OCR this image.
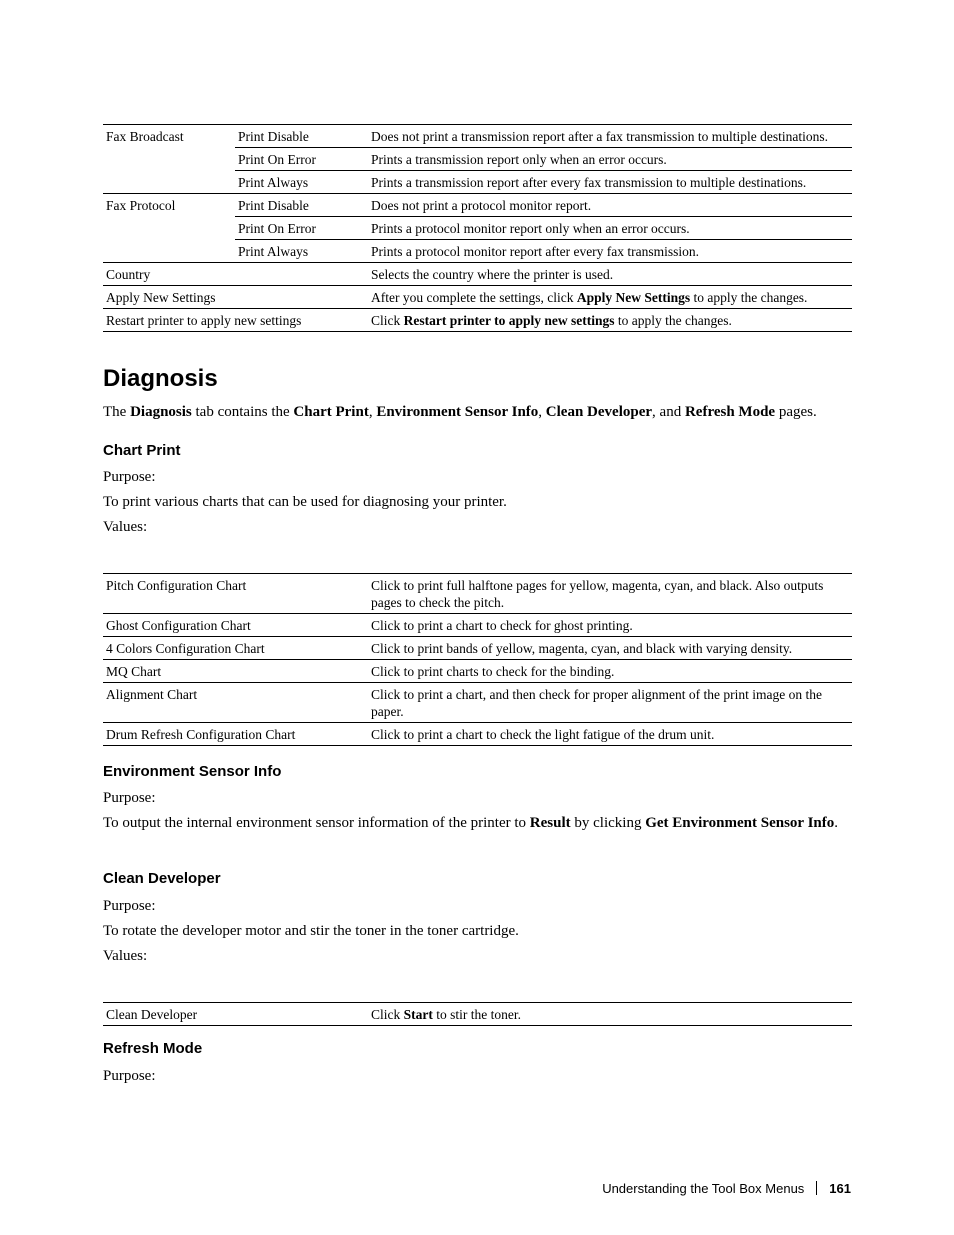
Fax Broadcast	Print Disable	Does not print a transmission report after a fax transmission to multiple destinations.
	Print On Error	Prints a transmission report only when an error occurs.
	Print Always	Prints a transmission report after every fax transmission to multiple destinations.
Fax Protocol	Print Disable	Does not print a protocol monitor report.
	Print On Error	Prints a protocol monitor report only when an error occurs.
	Print Always	Prints a protocol monitor report after every fax transmission.
Country		Selects the country where the printer is used.
Apply New Settings		After you complete the settings, click Apply New Settings to apply the changes.
Restart printer to apply new settings		Click Restart printer to apply new settings to apply the changes.
Diagnosis

The Diagnosis tab contains the Chart Print, Environment Sensor Info, Clean Developer, and Refresh Mode pages.

Chart Print

Purpose:

To print various charts that can be used for diagnosing your printer.

Values:

Pitch Configuration Chart	Click to print full halftone pages for yellow, magenta, cyan, and black. Also outputs pages to check the pitch.
Ghost Configuration Chart	Click to print a chart to check for ghost printing.
4 Colors Configuration Chart	Click to print bands of yellow, magenta, cyan, and black with varying density.
MQ Chart	Click to print charts to check for the binding.
Alignment Chart	Click to print a chart, and then check for proper alignment of the print image on the paper.
Drum Refresh Configuration Chart	Click to print a chart to check the light fatigue of the drum unit.
Environment Sensor Info

Purpose:

To output the internal environment sensor information of the printer to Result by clicking Get Environment Sensor Info.

Clean Developer

Purpose:

To rotate the developer motor and stir the toner in the toner cartridge.

Values:

Clean Developer	Click Start to stir the toner.
Refresh Mode

Purpose:

Understanding the Tool Box Menus 161
